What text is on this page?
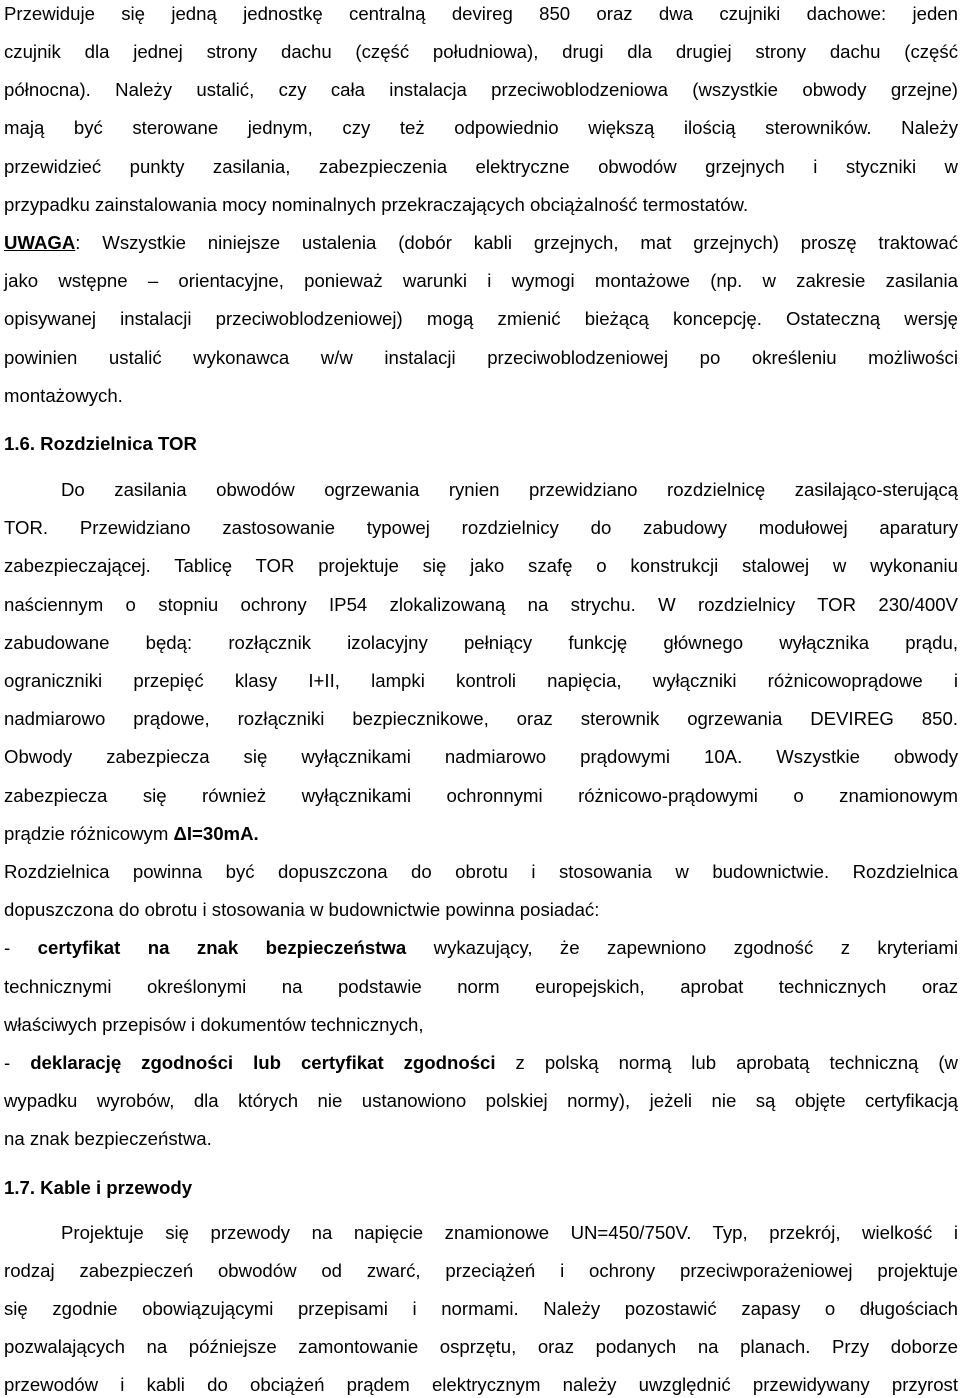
Przewiduje się jedną jednostkę centralną devireg 850 oraz dwa czujniki dachowe: jeden
czujnik dla jednej strony dachu (część południowa), drugi dla drugiej strony dachu (część
północna). Należy ustalić, czy cała instalacja przeciwoblodzeniowa (wszystkie obwody grzejne)
mają być sterowane jednym, czy też odpowiednio większą ilością sterowników. Należy
przewidzieć punkty zasilania, zabezpieczenia elektryczne obwodów grzejnych i styczniki w
przypadku zainstalowania mocy nominalnych przekraczających obciążalność termostatów.
UWAGA: Wszystkie niniejsze ustalenia (dobór kabli grzejnych, mat grzejnych) proszę traktować
jako wstępne – orientacyjne, ponieważ warunki i wymogi montażowe (np. w zakresie zasilania
opisywanej instalacji przeciwoblodzeniowej) mogą zmienić bieżącą koncepcję. Ostateczną wersję
powinien ustalić wykonawca w/w instalacji przeciwoblodzeniowej po określeniu możliwości
montażowych.
1.6. Rozdzielnica TOR
Do zasilania obwodów ogrzewania rynien przewidziano rozdzielnicę zasilająco-sterującą
TOR. Przewidziano zastosowanie typowej rozdzielnicy do zabudowy modułowej aparatury
zabezpieczającej. Tablicę TOR projektuje się jako szafę o konstrukcji stalowej w wykonaniu
naściennym o stopniu ochrony IP54 zlokalizowaną na strychu. W rozdzielnicy TOR 230/400V
zabudowane będą: rozłącznik izolacyjny pełniący funkcję głównego wyłącznika prądu,
ograniczniki przepięć klasy I+II, lampki kontroli napięcia, wyłączniki różnicowoprądowe i
nadmiarowo prądowe, rozłączniki bezpiecznikowe, oraz sterownik ogrzewania DEVIREG 850.
Obwody zabezpiecza się wyłącznikami nadmiarowo prądowymi 10A. Wszystkie obwody
zabezpiecza się również wyłącznikami ochronnymi różnicowo-prądowymi o znamionowym
prądzie różnicowym ΔI=30mA.
Rozdzielnica powinna być dopuszczona do obrotu i stosowania w budownictwie. Rozdzielnica
dopuszczona do obrotu i stosowania w budownictwie powinna posiadać:
- certyfikat na znak bezpieczeństwa wykazujący, że zapewniono zgodność z kryteriami
technicznymi określonymi na podstawie norm europejskich, aprobat technicznych oraz
właściwych przepisów i dokumentów technicznych,
- deklarację zgodności lub certyfikat zgodności z polską normą lub aprobatą techniczną (w
wypadku wyrobów, dla których nie ustanowiono polskiej normy), jeżeli nie są objęte certyfikacją
na znak bezpieczeństwa.
1.7. Kable i przewody
Projektuje się przewody na napięcie znamionowe UN=450/750V. Typ, przekrój, wielkość i
rodzaj zabezpieczeń obwodów od zwarć, przeciążeń i ochrony przeciwporażeniowej projektuje
się zgodnie obowiązującymi przepisami i normami. Należy pozostawić zapasy o długościach
pozwalających na późniejsze zamontowanie osprzętu, oraz podanych na planach. Przy doborze
przewodów i kabli do obciążeń prądem elektrycznym należy uwzględnić przewidywany przyrost
